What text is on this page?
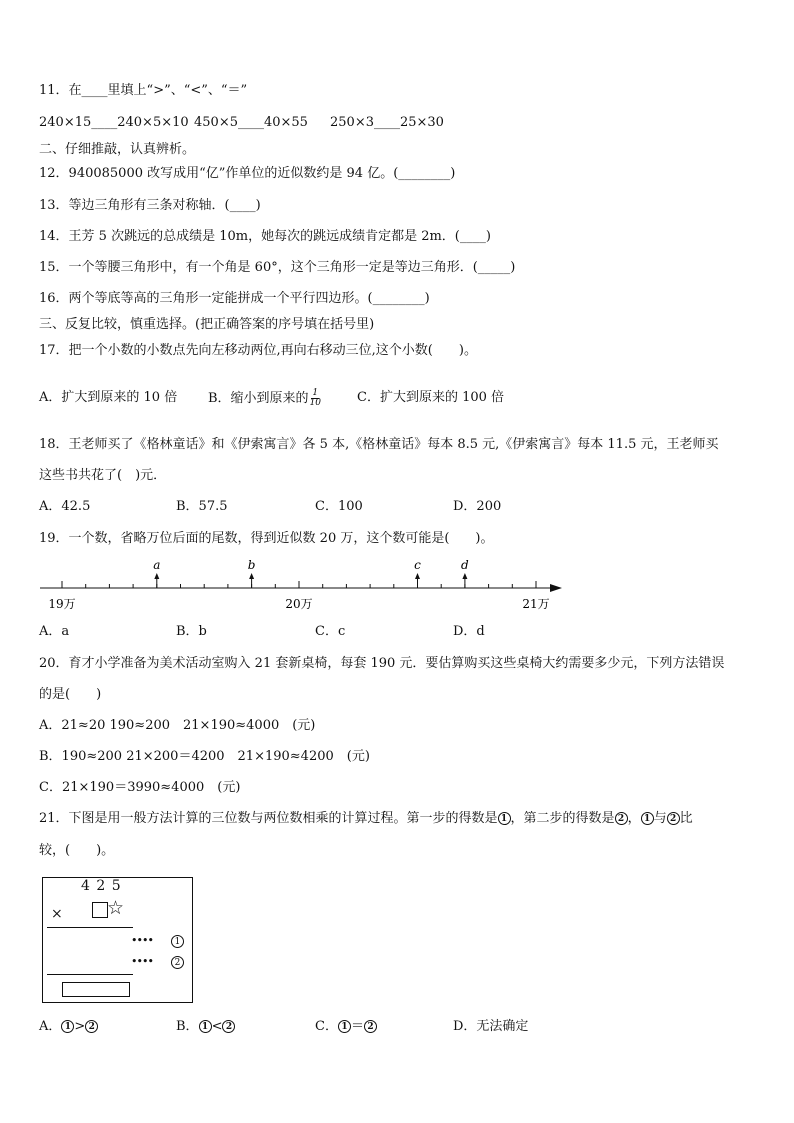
11．在____里填上“>”、“<”、“＝”
240×15____240×5×10 450×5____40×55 250×3____25×30
二、仔细推敲，认真辨析。
12．940085000 改写成用“亿”作单位的近似数约是 94 亿。(________)
13．等边三角形有三条对称轴．(____)
14．王芳 5 次跳远的总成绩是 10m，她每次的跳远成绩肯定都是 2m．(____)
15．一个等腰三角形中，有一个角是 60°，这个三角形一定是等边三角形．(_____)
16．两个等底等高的三角形一定能拼成一个平行四边形。(________)
三、反复比较，慎重选择。(把正确答案的序号填在括号里)
17．把一个小数的小数点先向左移动两位,再向右移动三位,这个小数(　　)。
A．扩大到原来的 10 倍 B．缩小到原来的 $\frac{1}{10}$	C．扩大到原来的 100 倍
18．王老师买了《格林童话》和《伊索寓言》各 5 本,《格林童话》每本 8.5 元,《伊索寓言》每本 11.5 元，王老师买
这些书共花了(　)元．
A．42.5	B．57.5	C．100	D．200
19．一个数，省略万位后面的尾数，得到近似数 20 万，这个数可能是(　　)。
19万	20万	21万
a	b	c	d
A．a	B．b	C．c	D．d
20．育才小学准备为美术活动室购入 21 套新桌椅，每套 190 元．要估算购买这些桌椅大约需要多少元，下列方法错误
的是(　　)
A．21≈20 190≈200　21×190≈4000　(元)
B．190≈200 21×200＝4200　21×190≈4200　(元)
C．21×190＝3990≈4000　(元)
21．下图是用一般方法计算的三位数与两位数相乘的计算过程。第一步的得数是 1 ，第二步的得数是 2 ， 1 与 2 比
较，(　　)。
4 2 5
× ☆
••••	1
••••	2
A． 1 > 2	B． 1 < 2	C． 1 ＝ 2	D．无法确定
